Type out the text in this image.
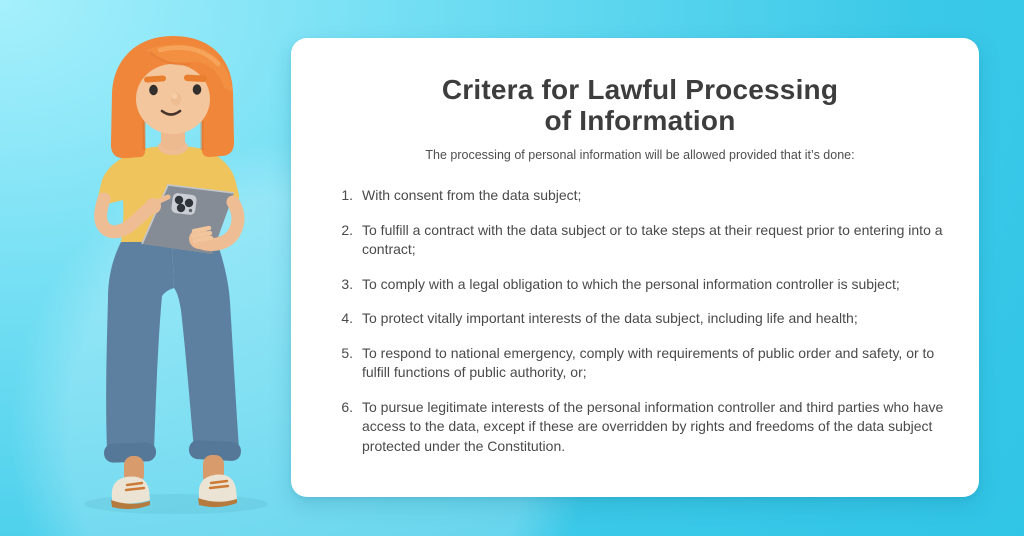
Critera for Lawful Processing
of Information

The processing of personal information will be allowed provided that it’s done:

1. With consent from the data subject;
2. To fulfill a contract with the data subject or to take steps at their request prior to entering into a contract;
3. To comply with a legal obligation to which the personal information controller is subject;
4. To protect vitally important interests of the data subject, including life and health;
5. To respond to national emergency, comply with requirements of public order and safety, or to fulfill functions of public authority, or;
6. To pursue legitimate interests of the personal information controller and third parties who have access to the data, except if these are overridden by rights and freedoms of the data subject protected under the Constitution.
